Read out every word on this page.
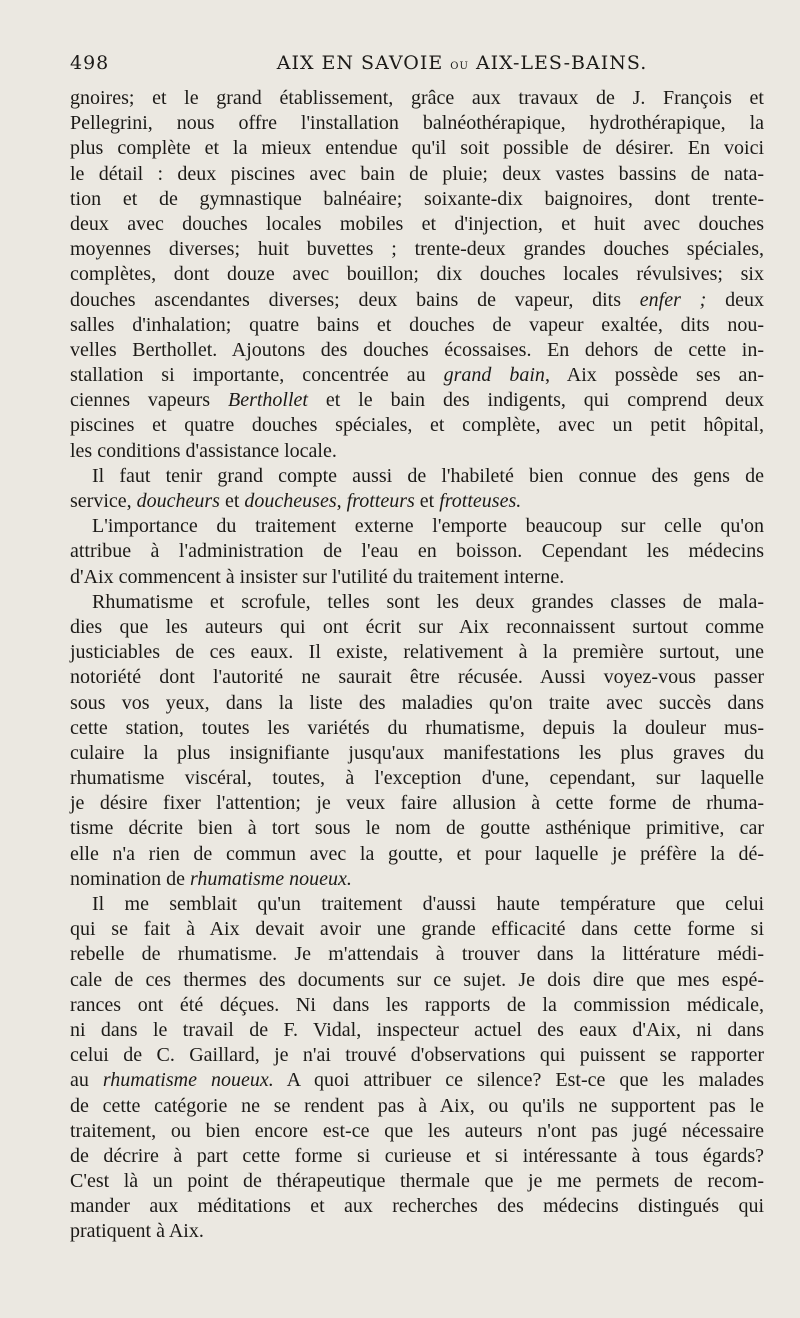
498	AIX EN SAVOIE ou AIX-LES-BAINS.
gnoires; et le grand établissement, grâce aux travaux de J. François et
Pellegrini, nous offre l'installation balnéothérapique, hydrothérapique, la
plus complète et la mieux entendue qu'il soit possible de désirer. En voici
le détail : deux piscines avec bain de pluie; deux vastes bassins de nata-
tion et de gymnastique balnéaire; soixante-dix baignoires, dont trente-
deux avec douches locales mobiles et d'injection, et huit avec douches
moyennes diverses; huit buvettes ; trente-deux grandes douches spéciales,
complètes, dont douze avec bouillon; dix douches locales révulsives; six
douches ascendantes diverses; deux bains de vapeur, dits enfer ; deux
salles d'inhalation; quatre bains et douches de vapeur exaltée, dits nou-
velles Berthollet. Ajoutons des douches écossaises. En dehors de cette in-
stallation si importante, concentrée au grand bain, Aix possède ses an-
ciennes vapeurs Berthollet et le bain des indigents, qui comprend deux
piscines et quatre douches spéciales, et complète, avec un petit hôpital,
les conditions d'assistance locale.
Il faut tenir grand compte aussi de l'habileté bien connue des gens de
service, doucheurs et doucheuses, frotteurs et frotteuses.
L'importance du traitement externe l'emporte beaucoup sur celle qu'on
attribue à l'administration de l'eau en boisson. Cependant les médecins
d'Aix commencent à insister sur l'utilité du traitement interne.
Rhumatisme et scrofule, telles sont les deux grandes classes de mala-
dies que les auteurs qui ont écrit sur Aix reconnaissent surtout comme
justiciables de ces eaux. Il existe, relativement à la première surtout, une
notoriété dont l'autorité ne saurait être récusée. Aussi voyez-vous passer
sous vos yeux, dans la liste des maladies qu'on traite avec succès dans
cette station, toutes les variétés du rhumatisme, depuis la douleur mus-
culaire la plus insignifiante jusqu'aux manifestations les plus graves du
rhumatisme viscéral, toutes, à l'exception d'une, cependant, sur laquelle
je désire fixer l'attention; je veux faire allusion à cette forme de rhuma-
tisme décrite bien à tort sous le nom de goutte asthénique primitive, car
elle n'a rien de commun avec la goutte, et pour laquelle je préfère la dé-
nomination de rhumatisme noueux.
Il me semblait qu'un traitement d'aussi haute température que celui
qui se fait à Aix devait avoir une grande efficacité dans cette forme si
rebelle de rhumatisme. Je m'attendais à trouver dans la littérature médi-
cale de ces thermes des documents sur ce sujet. Je dois dire que mes espé-
rances ont été déçues. Ni dans les rapports de la commission médicale,
ni dans le travail de F. Vidal, inspecteur actuel des eaux d'Aix, ni dans
celui de C. Gaillard, je n'ai trouvé d'observations qui puissent se rapporter
au rhumatisme noueux. A quoi attribuer ce silence? Est-ce que les malades
de cette catégorie ne se rendent pas à Aix, ou qu'ils ne supportent pas le
traitement, ou bien encore est-ce que les auteurs n'ont pas jugé nécessaire
de décrire à part cette forme si curieuse et si intéressante à tous égards?
C'est là un point de thérapeutique thermale que je me permets de recom-
mander aux méditations et aux recherches des médecins distingués qui
pratiquent à Aix.
